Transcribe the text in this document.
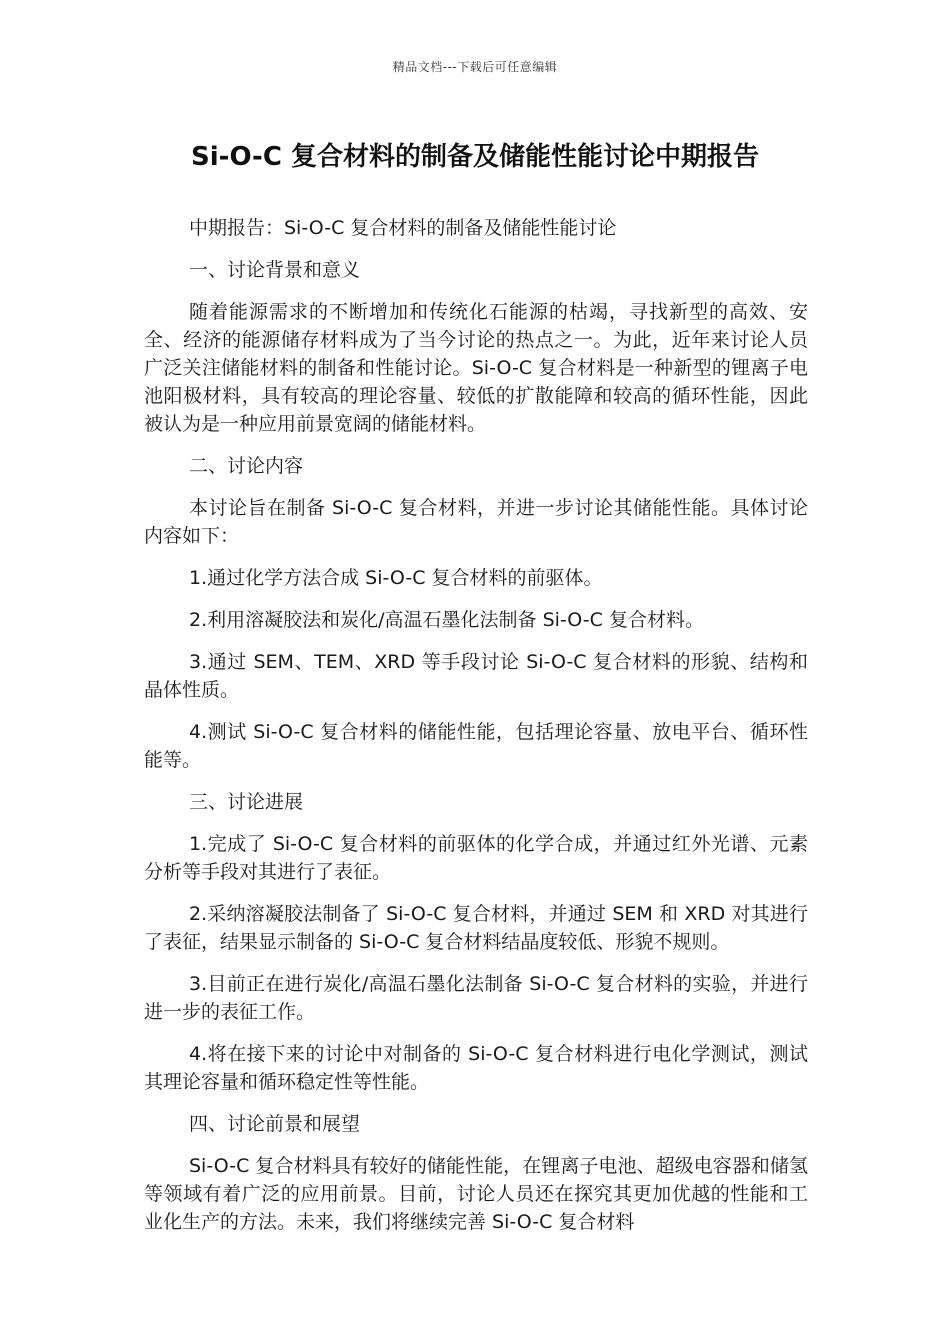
精品文档---下载后可任意编辑
Si-O-C 复合材料的制备及储能性能讨论中期报告

中期报告：Si-O-C 复合材料的制备及储能性能讨论

一、讨论背景和意义

随着能源需求的不断增加和传统化石能源的枯竭，寻找新型的高效、安全、经济的能源储存材料成为了当今讨论的热点之一。为此，近年来讨论人员广泛关注储能材料的制备和性能讨论。Si-O-C 复合材料是一种新型的锂离子电池阳极材料，具有较高的理论容量、较低的扩散能障和较高的循环性能，因此被认为是一种应用前景宽阔的储能材料。

二、讨论内容

本讨论旨在制备 Si-O-C 复合材料，并进一步讨论其储能性能。具体讨论内容如下：

1.通过化学方法合成 Si-O-C 复合材料的前驱体。

2.利用溶凝胶法和炭化/高温石墨化法制备 Si-O-C 复合材料。

3.通过 SEM、TEM、XRD 等手段讨论 Si-O-C 复合材料的形貌、结构和晶体性质。

4.测试 Si-O-C 复合材料的储能性能，包括理论容量、放电平台、循环性能等。

三、讨论进展

1.完成了 Si-O-C 复合材料的前驱体的化学合成，并通过红外光谱、元素分析等手段对其进行了表征。

2.采纳溶凝胶法制备了 Si-O-C 复合材料，并通过 SEM 和 XRD 对其进行了表征，结果显示制备的 Si-O-C 复合材料结晶度较低、形貌不规则。

3.目前正在进行炭化/高温石墨化法制备 Si-O-C 复合材料的实验，并进行进一步的表征工作。

4.将在接下来的讨论中对制备的 Si-O-C 复合材料进行电化学测试，测试其理论容量和循环稳定性等性能。

四、讨论前景和展望

Si-O-C 复合材料具有较好的储能性能，在锂离子电池、超级电容器和储氢等领域有着广泛的应用前景。目前，讨论人员还在探究其更加优越的性能和工业化生产的方法。未来，我们将继续完善 Si-O-C 复合材料
